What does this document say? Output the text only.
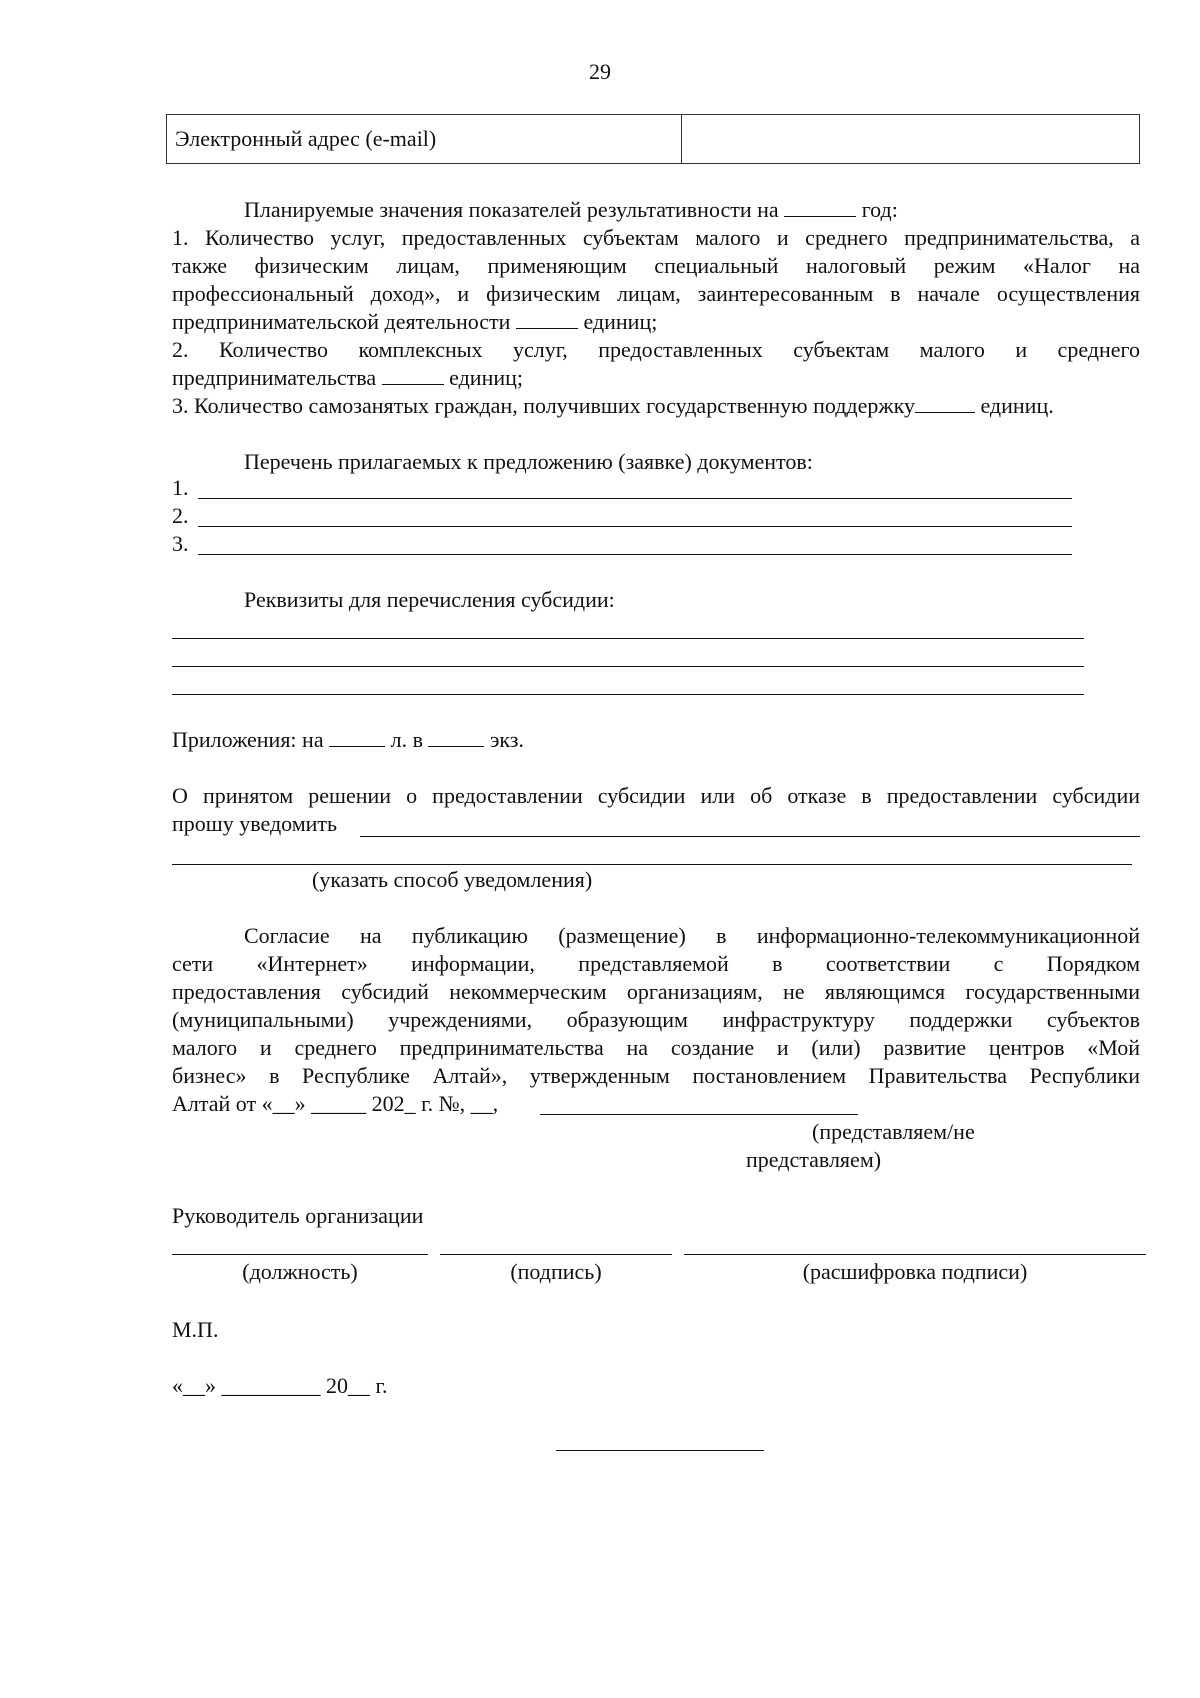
29
Электронный адрес (e-mail)
Планируемые значения показателей результативности на	год:
1. Количество услуг, предоставленных субъектам малого и среднего предпринимательства, а
также физическим лицам, применяющим специальный налоговый режим «Налог на
профессиональный доход», и физическим лицам, заинтересованным в начале осуществления
предпринимательской деятельности	единиц;
2. Количество комплексных услуг, предоставленных субъектам малого и среднего
предпринимательства	единиц;
3. Количество самозанятых граждан, получивших государственную поддержку	единиц.
Перечень прилагаемых к предложению (заявке) документов:
1.
2.
3.
Реквизиты для перечисления субсидии:
Приложения: на	л. в	экз.
О принятом решении о предоставлении субсидии или об отказе в предоставлении субсидии
прошу уведомить
(указать способ уведомления)
Согласие на публикацию (размещение) в информационно-телекоммуникационной
сети «Интернет» информации, представляемой в соответствии с Порядком
предоставления субсидий некоммерческим организациям, не являющимся государственными
(муниципальными) учреждениями, образующим инфраструктуру поддержки субъектов
малого и среднего предпринимательства на создание и (или) развитие центров «Мой
бизнес» в Республике Алтай», утвержденным постановлением Правительства Республики
Алтай от «__» _____ 202_ г. №, __,
(представляем/не
представляем)
Руководитель организации
(должность)	(подпись)	(расшифровка подписи)
М.П.
«__» _________ 20__ г.
